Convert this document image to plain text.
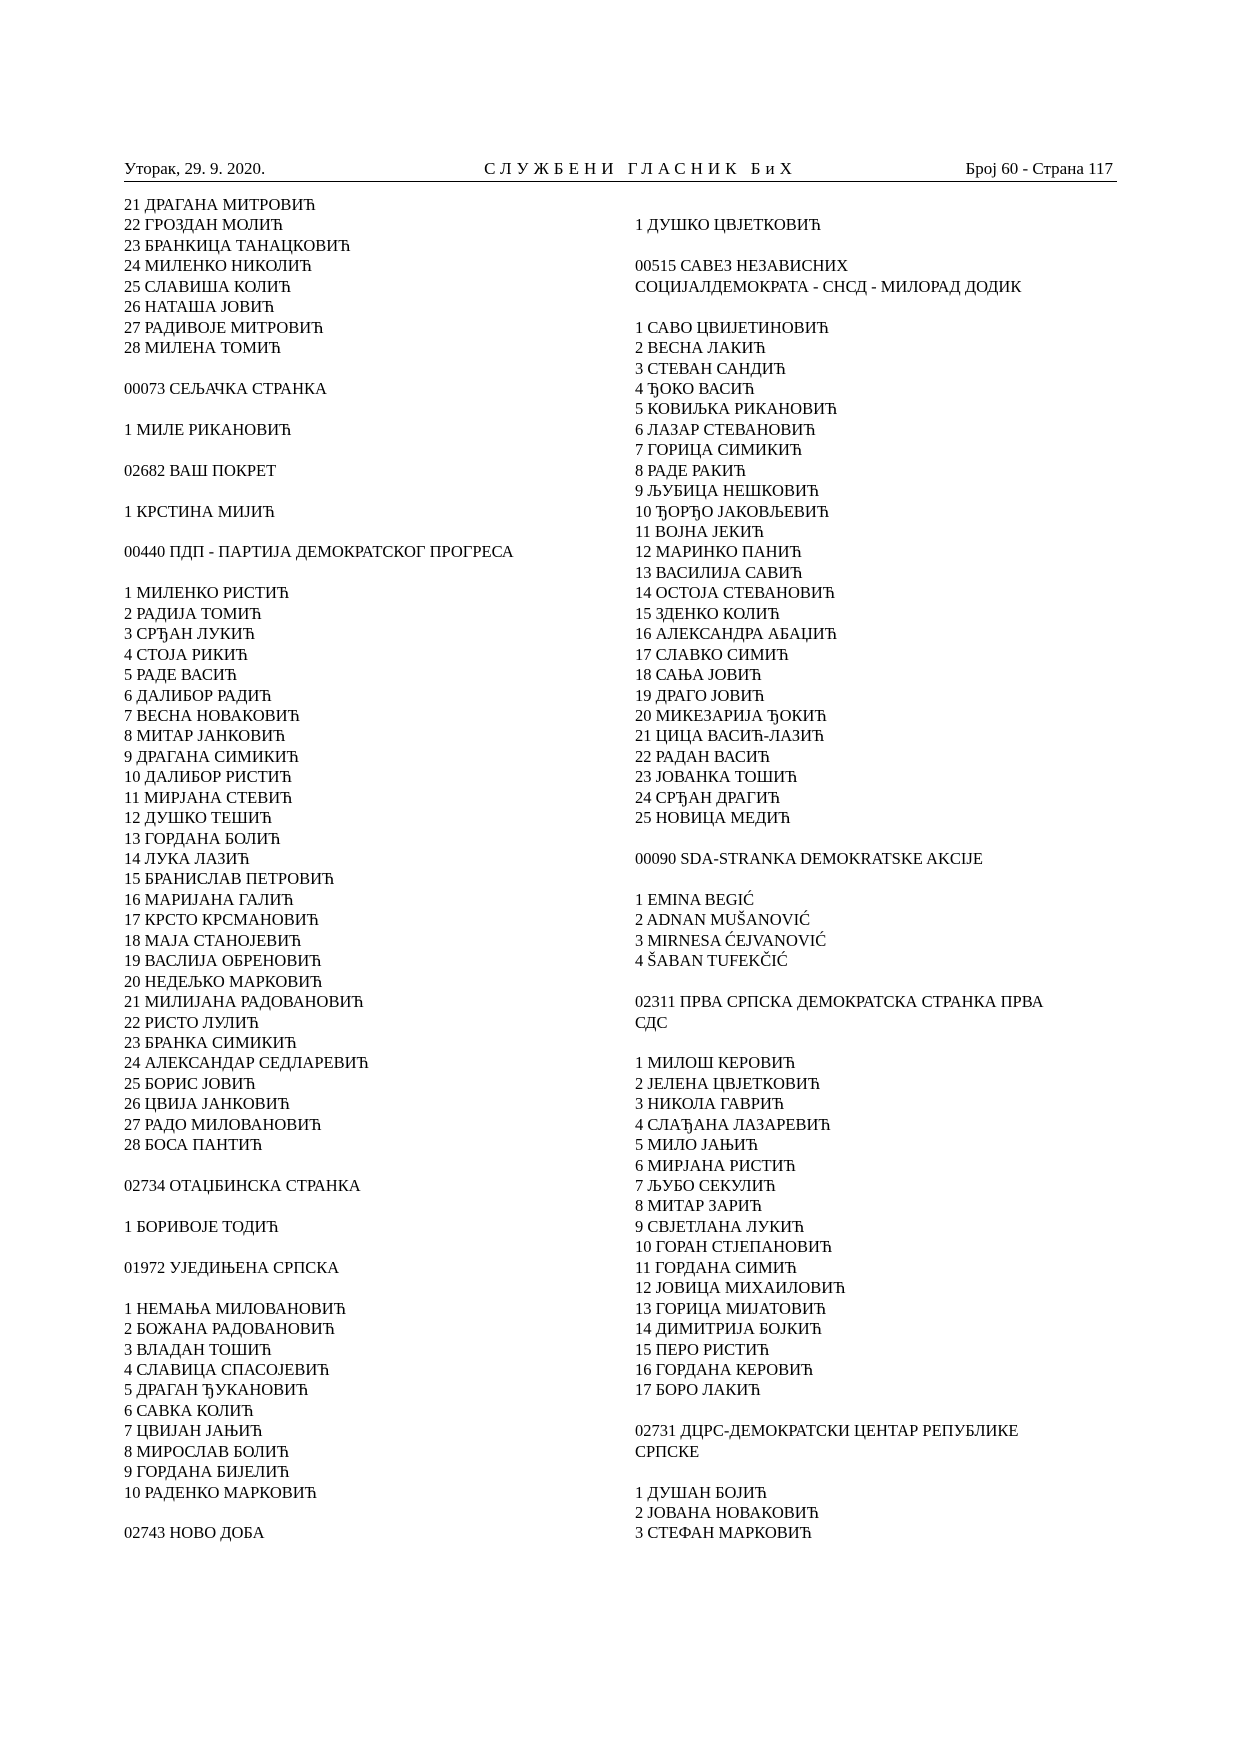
Уторак, 29. 9. 2020.	СЛУЖБЕНИ ГЛАСНИК БиХ	Број 60 - Страна 117
21 ДРАГАНА МИТРОВИЋ
22 ГРОЗДАН МОЛИЋ
23 БРАНКИЦА ТАНАЦКОВИЋ
24 МИЛЕНКО НИКОЛИЋ
25 СЛАВИША КОЛИЋ
26 НАТАША ЈОВИЋ
27 РАДИВОЈЕ МИТРОВИЋ
28 МИЛЕНА ТОМИЋ
00073 СЕЉАЧКА СТРАНКА
1 МИЛЕ РИКАНОВИЋ
02682 ВАШ ПОКРЕТ
1 КРСТИНА МИЈИЋ
00440 ПДП - ПАРТИЈА ДЕМОКРАТСКОГ ПРОГРЕСА
1 МИЛЕНКО РИСТИЋ
2 РАДИЈА ТОМИЋ
3 СРЂАН ЛУКИЋ
4 СТОЈА РИКИЋ
5 РАДЕ ВАСИЋ
6 ДАЛИБОР РАДИЋ
7 ВЕСНА НОВАКОВИЋ
8 МИТАР ЈАНКОВИЋ
9 ДРАГАНА СИМИКИЋ
10 ДАЛИБОР РИСТИЋ
11 МИРЈАНА СТЕВИЋ
12 ДУШКО ТЕШИЋ
13 ГОРДАНА БОЛИЋ
14 ЛУКА ЛАЗИЋ
15 БРАНИСЛАВ ПЕТРОВИЋ
16 МАРИЈАНА ГАЛИЋ
17 КРСТО КРСМАНОВИЋ
18 МАЈА СТАНОЈЕВИЋ
19 ВАСЛИЈА ОБРЕНОВИЋ
20 НЕДЕЉКО МАРКОВИЋ
21 МИЛИЈАНА РАДОВАНОВИЋ
22 РИСТО ЛУЛИЋ
23 БРАНКА СИМИКИЋ
24 АЛЕКСАНДАР СЕДЛАРЕВИЋ
25 БОРИС ЈОВИЋ
26 ЦВИЈА ЈАНКОВИЋ
27 РАДО МИЛОВАНОВИЋ
28 БОСА ПАНТИЋ
02734 ОТАЏБИНСКА СТРАНКА
1 БОРИВОЈЕ ТОДИЋ
01972 УЈЕДИЊЕНА СРПСКА
1 НЕМАЊА МИЛОВАНОВИЋ
2 БОЖАНА РАДОВАНОВИЋ
3 ВЛАДАН ТОШИЋ
4 СЛАВИЦА СПАСОЈЕВИЋ
5 ДРАГАН ЂУКАНОВИЋ
6 САВКА КОЛИЋ
7 ЦВИЈАН ЈАЊИЋ
8 МИРОСЛАВ БОЛИЋ
9 ГОРДАНА БИЈЕЛИЋ
10 РАДЕНКО МАРКОВИЋ
02743 НОВО ДОБА
1 ДУШКО ЦВЈЕТКОВИЋ
00515 САВЕЗ НЕЗАВИСНИХ
СОЦИЈАЛДЕМОКРАТА - СНСД - МИЛОРАД ДОДИК
1 САВО ЦВИЈЕТИНОВИЋ
2 ВЕСНА ЛАКИЋ
3 СТЕВАН САНДИЋ
4 ЂОКО ВАСИЋ
5 КОВИЉКА РИКАНОВИЋ
6 ЛАЗАР СТЕВАНОВИЋ
7 ГОРИЦА СИМИКИЋ
8 РАДЕ РАКИЋ
9 ЉУБИЦА НЕШКОВИЋ
10 ЂОРЂО ЈАКОВЉЕВИЋ
11 ВОЈНА ЈЕКИЋ
12 МАРИНКО ПАНИЋ
13 ВАСИЛИЈА САВИЋ
14 ОСТОЈА СТЕВАНОВИЋ
15 ЗДЕНКО КОЛИЋ
16 АЛЕКСАНДРА АБАЏИЋ
17 СЛАВКО СИМИЋ
18 САЊА ЈОВИЋ
19 ДРАГО ЈОВИЋ
20 МИКЕЗАРИЈА ЂОКИЋ
21 ЦИЦА ВАСИЋ-ЛАЗИЋ
22 РАДАН ВАСИЋ
23 ЈОВАНКА ТОШИЋ
24 СРЂАН ДРАГИЋ
25 НОВИЦА МЕДИЋ
00090 SDA-STRANKA DEMOKRATSKE AKCIJE
1 EMINA BEGIĆ
2 ADNAN MUŠANOVIĆ
3 MIRNESA ĆEJVANOVIĆ
4 ŠABAN TUFEKČIĆ
02311 ПРВА СРПСКА ДЕМОКРАТСКА СТРАНКА ПРВА
СДС
1 МИЛОШ КЕРОВИЋ
2 ЈЕЛЕНА ЦВЈЕТКОВИЋ
3 НИКОЛА ГАВРИЋ
4 СЛАЂАНА ЛАЗАРЕВИЋ
5 МИЛО ЈАЊИЋ
6 МИРЈАНА РИСТИЋ
7 ЉУБО СЕКУЛИЋ
8 МИТАР ЗАРИЋ
9 СВЈЕТЛАНА ЛУКИЋ
10 ГОРАН СТЈЕПАНОВИЋ
11 ГОРДАНА СИМИЋ
12 ЈОВИЦА МИХАИЛОВИЋ
13 ГОРИЦА МИЈАТОВИЋ
14 ДИМИТРИЈА БОЈКИЋ
15 ПЕРО РИСТИЋ
16 ГОРДАНА КЕРОВИЋ
17 БОРО ЛАКИЋ
02731 ДЦРС-ДЕМОКРАТСКИ ЦЕНТАР РЕПУБЛИКЕ
СРПСКЕ
1 ДУШАН БОЈИЋ
2 ЈОВАНА НОВАКОВИЋ
3 СТЕФАН МАРКОВИЋ
